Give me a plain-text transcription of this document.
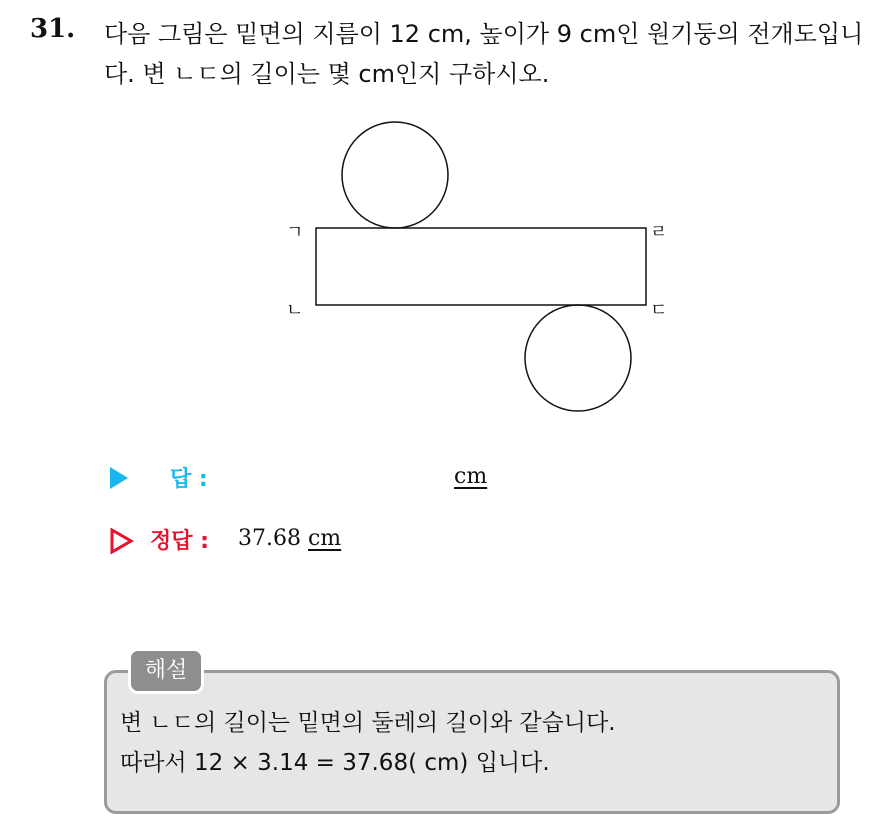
31. 다음 그림은 밑면의 지름이 12 cm, 높이가 9 cm인 원기둥의 전개도입니다. 변 ㄴㄷ의 길이는 몇 cm인지 구하시오.
ㄱ
ㄴ	ㄷ
ㄹ
답 :	cm
정답 : 37.68 cm
해설
변 ㄴㄷ의 길이는 밑면의 둘레의 길이와 같습니다.
따라서 12 × 3.14 = 37.68( cm) 입니다.
